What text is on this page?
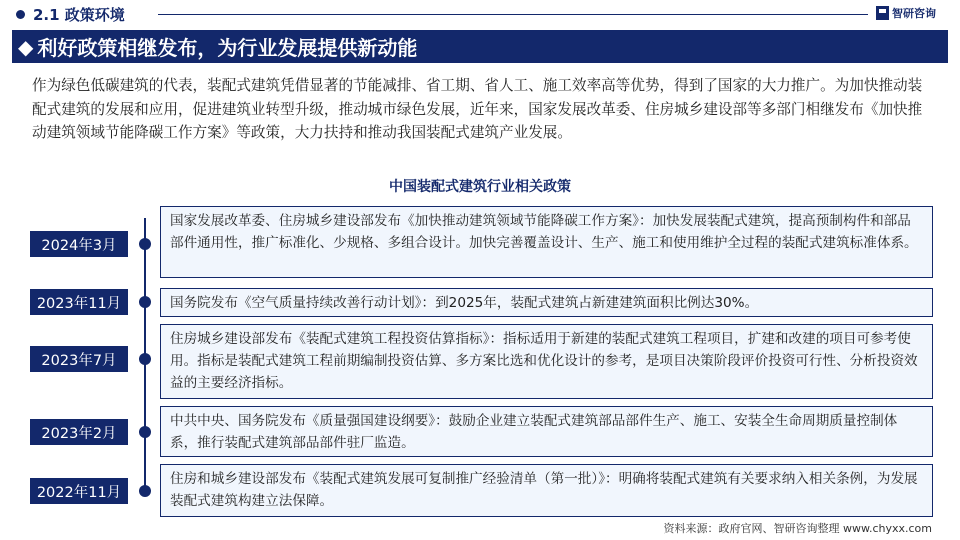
2.1 政策环境	智研咨询
◆ 利好政策相继发布，为行业发展提供新动能
作为绿色低碳建筑的代表，装配式建筑凭借显著的节能减排、省工期、省人工、施工效率高等优势，得到了国家的大力推广。为加快推动装配式建筑的发展和应用，促进建筑业转型升级，推动城市绿色发展，近年来，国家发展改革委、住房城乡建设部等多部门相继发布《加快推动建筑领域节能降碳工作方案》等政策，大力扶持和推动我国装配式建筑产业发展。
中国装配式建筑行业相关政策
2024年3月
国家发展改革委、住房城乡建设部发布《加快推动建筑领域节能降碳工作方案》：加快发展装配式建筑，提高预制构件和部品部件通用性，推广标准化、少规格、多组合设计。加快完善覆盖设计、生产、施工和使用维护全过程的装配式建筑标准体系。
2023年11月	国务院发布《空气质量持续改善行动计划》：到2025年，装配式建筑占新建建筑面积比例达30%。
2023年7月
住房城乡建设部发布《装配式建筑工程投资估算指标》：指标适用于新建的装配式建筑工程项目，扩建和改建的项目可参考使用。指标是装配式建筑工程前期编制投资估算、多方案比选和优化设计的参考，是项目决策阶段评价投资可行性、分析投资效益的主要经济指标。
2023年2月
中共中央、国务院发布《质量强国建设纲要》：鼓励企业建立装配式建筑部品部件生产、施工、安装全生命周期质量控制体系，推行装配式建筑部品部件驻厂监造。
2022年11月
住房和城乡建设部发布《装配式建筑发展可复制推广经验清单（第一批）》：明确将装配式建筑有关要求纳入相关条例，为发展装配式建筑构建立法保障。
资料来源：政府官网、智研咨询整理 www.chyxx.com
